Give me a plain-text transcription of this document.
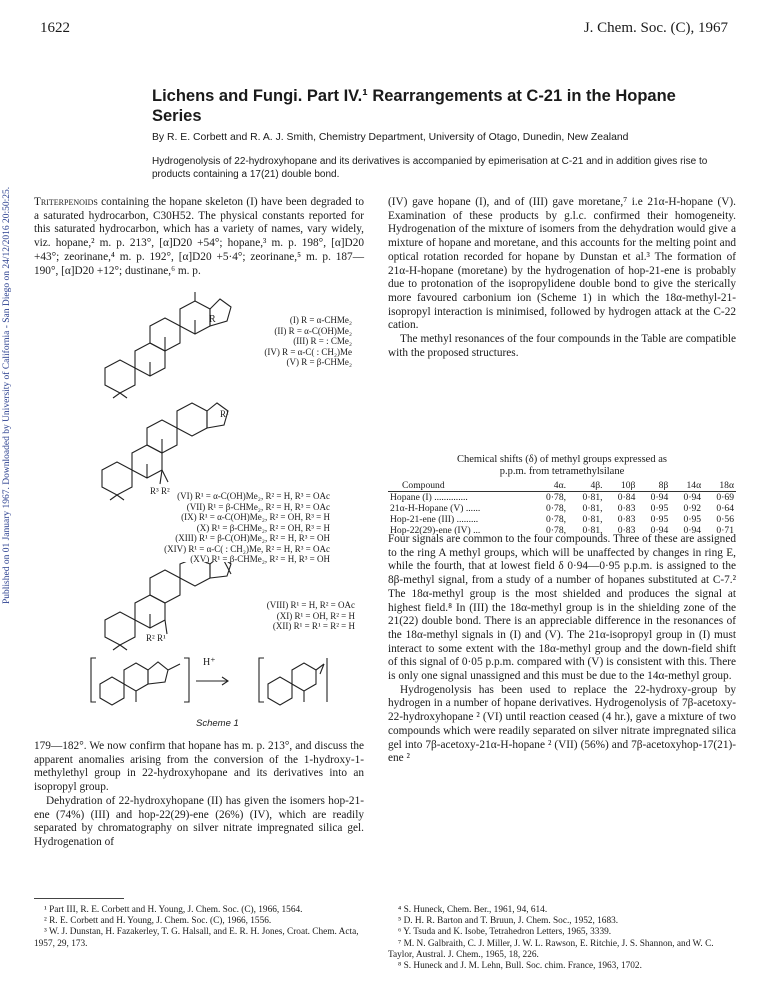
1622	J. Chem. Soc. (C), 1967
Published on 01 January 1967. Downloaded by University of California - San Diego on 24/12/2016 20:50:25.
Lichens and Fungi. Part IV.¹ Rearrangements at C-21 in the Hopane
Series
By R. E. Corbett and R. A. J. Smith, Chemistry Department, University of Otago, Dunedin, New Zealand
Hydrogenolysis of 22-hydroxyhopane and its derivatives is accompanied by epimerisation at C-21 and in addition gives rise to products containing a 17(21) double bond.

Triterpenoids containing the hopane skeleton (I) have been degraded to a saturated hydrocarbon, C30H52. The physical constants reported for this saturated hydrocarbon, which has a variety of names, vary widely, viz. hopane,² m. p. 213°, [α]D20 +54°; hopane,³ m. p. 198°, [α]D20 +43°; zeorinane,⁴ m. p. 192°, [α]D20 +5·4°; zeorinane,⁵ m. p. 187—190°, [α]D20 +12°; dustinane,⁶ m. p.

R	(I) R = α-CHMe₂
(II) R = α-C(OH)Me₂
(III) R = : CMe₂
(IV) R = α-C( : CH₂)Me
(V) R = β-CHMe₂
R¹
R³ R² (VI) R¹ = α-C(OH)Me₂, R² = H, R³ = OAc
(VII) R¹ = β-CHMe₂, R² = H, R³ = OAc
(IX) R¹ = α-C(OH)Me₂, R² = OH, R³ = H
(X) R¹ = β-CHMe₂, R² = OH, R³ = H
(XIII) R¹ = β-C(OH)Me₂, R² = H, R³ = OH
(XIV) R¹ = α-C( : CH₂)Me, R² = H, R³ = OAc
(XV) R¹ = β-CHMe₂, R² = H, R³ = OH
R² R¹
(VIII) R¹ = H, R² = OAc
(XI) R¹ = OH, R² = H
(XII) R¹ = R¹ = R² = H
H⁺
Scheme 1

179—182°. We now confirm that hopane has m. p. 213°, and discuss the apparent anomalies arising from the conversion of the 1-hydroxy-1-methylethyl group in 22-hydroxyhopane and its derivatives into an isopropyl group.

Dehydration of 22-hydroxyhopane (II) has given the isomers hop-21-ene (74%) (III) and hop-22(29)-ene (26%) (IV), which are readily separated by chromatography on silver nitrate impregnated silica gel. Hydrogenation of

¹ Part III, R. E. Corbett and H. Young, J. Chem. Soc. (C), 1966, 1564.

² R. E. Corbett and H. Young, J. Chem. Soc. (C), 1966, 1556.

³ W. J. Dunstan, H. Fazakerley, T. G. Halsall, and E. R. H. Jones, Croat. Chem. Acta, 1957, 29, 173.

(IV) gave hopane (I), and of (III) gave moretane,⁷ i.e 21α-H-hopane (V). Examination of these products by g.l.c. confirmed their homogeneity. Hydrogenation of the mixture of isomers from the dehydration would give a mixture of hopane and moretane, and this accounts for the melting point and optical rotation recorded for hopane by Dunstan et al.³ The formation of 21α-H-hopane (moretane) by the hydrogenation of hop-21-ene is probably due to protonation of the isopropylidene double bond to give the sterically more favoured carbonium ion (Scheme 1) in which the 18α-methyl-21-isopropyl interaction is minimised, followed by hydrogen attack at the C-22 cation.

The methyl resonances of the four compounds in the Table are compatible with the proposed structures.

Chemical shifts (δ) of methyl groups expressed as
p.p.m. from tetramethylsilane
Compound	4α.	4β.	10β	8β	14α	18α
Hopane (I) ..............	0·78,	0·81,	0·84	0·94	0·94	0·69
21α-H-Hopane (V) ......	0·78,	0·81,	0·83	0·95	0·92	0·64
Hop-21-ene (III) .........	0·78,	0·81,	0·83	0·95	0·95	0·56
Hop-22(29)-ene (IV) ...	0·78,	0·81,	0·83	0·94	0·94	0·71

Four signals are common to the four compounds. Three of these are assigned to the ring A methyl groups, which will be unaffected by changes in ring E, while the fourth, that at lowest field δ 0·94—0·95 p.p.m. is assigned to the 8β-methyl signal, from a study of a number of hopanes substituted at C-7.² The 18α-methyl group is the most shielded and produces the signal at highest field.⁸ In (III) the 18α-methyl group is in the shielding zone of the 21(22) double bond. There is an appreciable difference in the resonances of the 18α-methyl signals in (I) and (V). The 21α-isopropyl group in (I) must interact to some extent with the 18α-methyl group and the down-field shift of this signal of 0·05 p.p.m. compared with (V) is consistent with this. There is only one signal unassigned and this must be due to the 14α-methyl group.

Hydrogenolysis has been used to replace the 22-hydroxy-group by hydrogen in a number of hopane derivatives. Hydrogenolysis of 7β-acetoxy-22-hydroxyhopane ² (VI) until reaction ceased (4 hr.), gave a mixture of two compounds which were readily separated on silver nitrate impregnated silica gel into 7β-acetoxy-21α-H-hopane ² (VII) (56%) and 7β-acetoxyhop-17(21)-ene ²

⁴ S. Huneck, Chem. Ber., 1961, 94, 614.

⁵ D. H. R. Barton and T. Bruun, J. Chem. Soc., 1952, 1683.

⁶ Y. Tsuda and K. Isobe, Tetrahedron Letters, 1965, 3339.

⁷ M. N. Galbraith, C. J. Miller, J. W. L. Rawson, E. Ritchie, J. S. Shannon, and W. C. Taylor, Austral. J. Chem., 1965, 18, 226.

⁸ S. Huneck and J. M. Lehn, Bull. Soc. chim. France, 1963, 1702.
